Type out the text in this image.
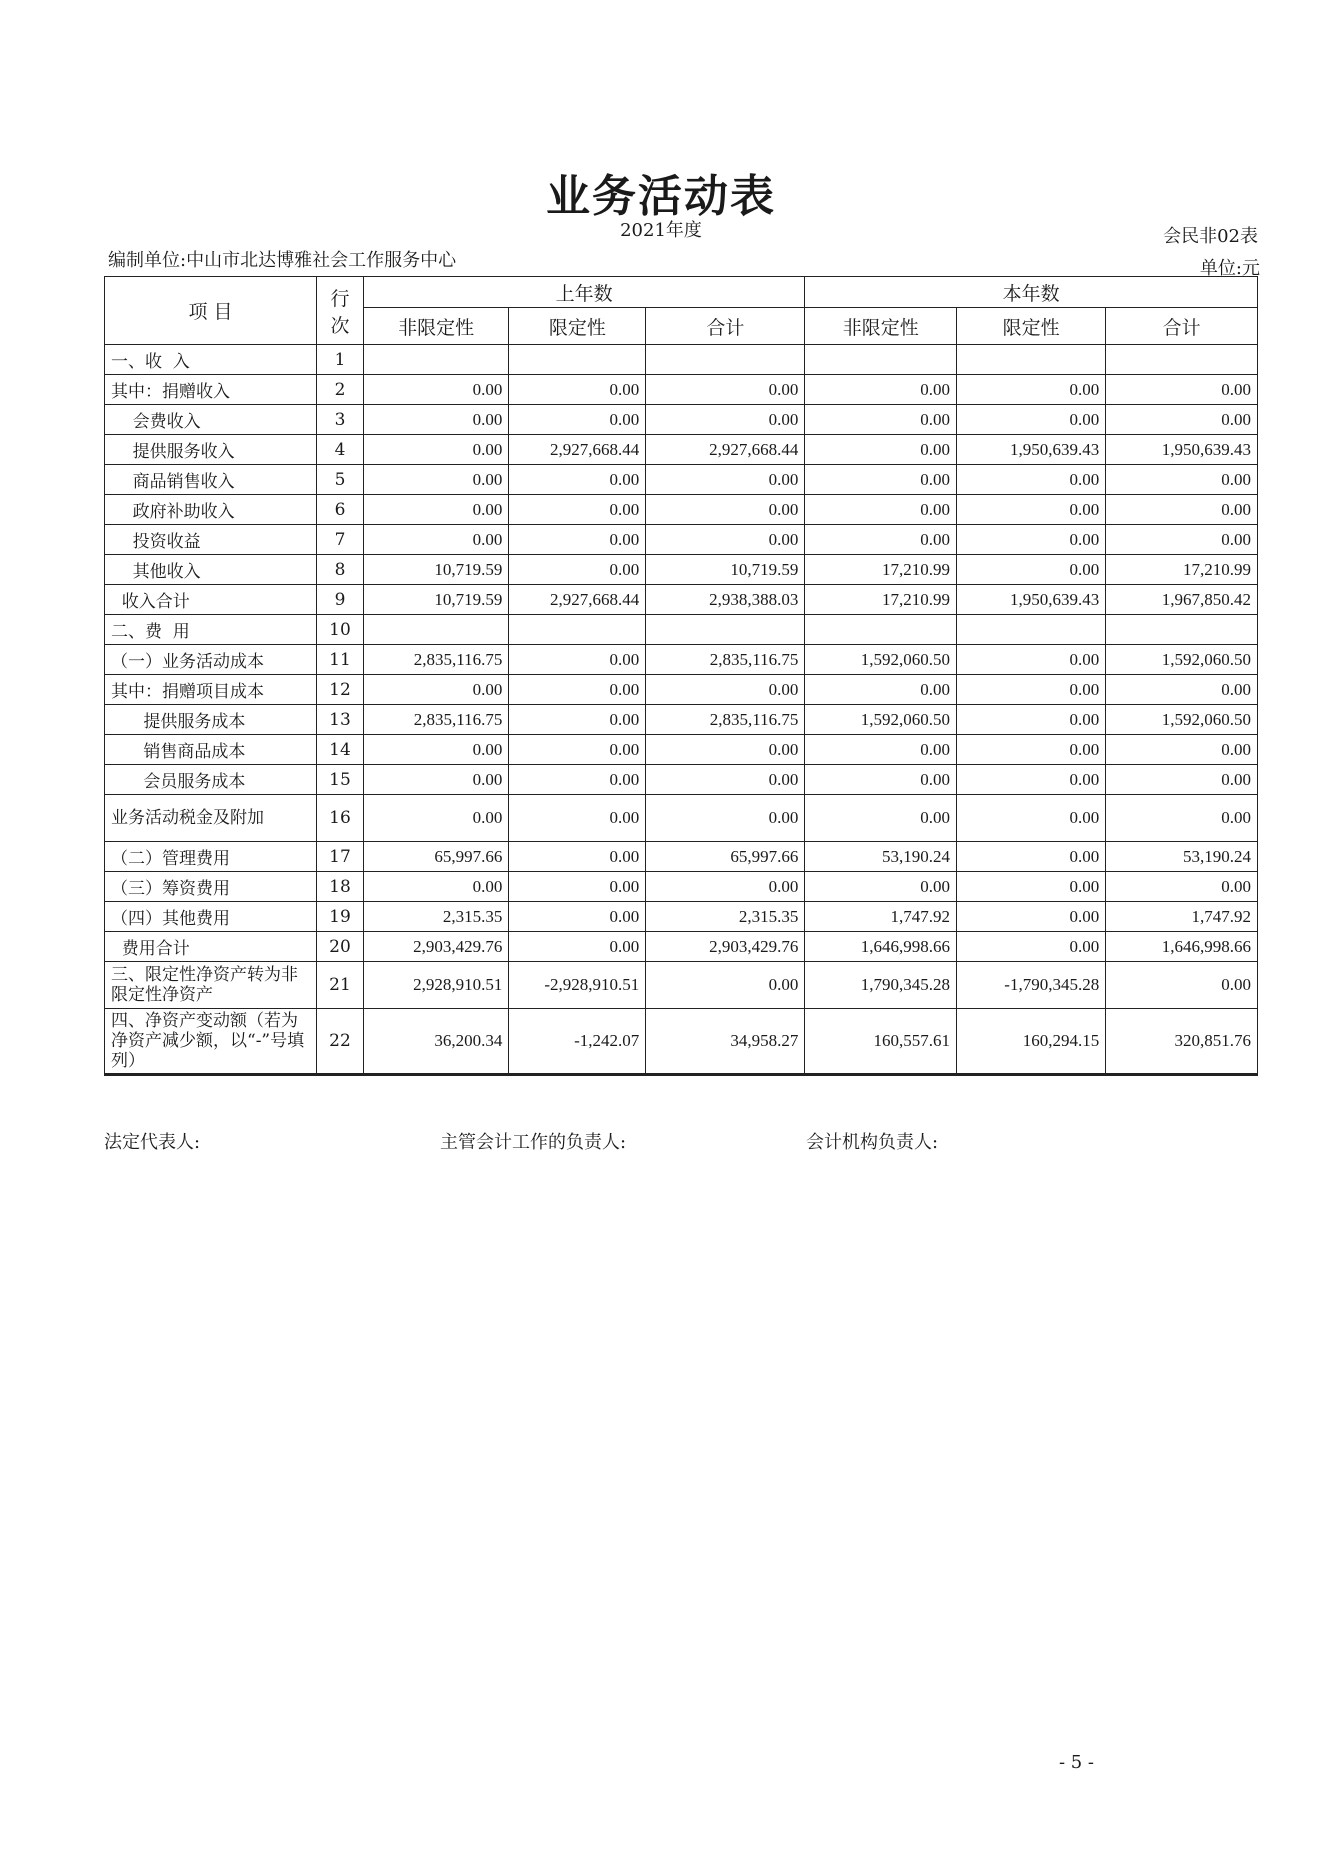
业务活动表
2021年度	会民非02表
编制单位:中山市北达博雅社会工作服务中心	单位:元
项 目	行次	上年数			本年数		
		非限定性	限定性	合计	非限定性	限定性	合计
一、收  入	1						
其中：捐赠收入	2	0.00	0.00	0.00	0.00	0.00	0.00
会费收入	3	0.00	0.00	0.00	0.00	0.00	0.00
提供服务收入	4	0.00	2,927,668.44	2,927,668.44	0.00	1,950,639.43	1,950,639.43
商品销售收入	5	0.00	0.00	0.00	0.00	0.00	0.00
政府补助收入	6	0.00	0.00	0.00	0.00	0.00	0.00
投资收益	7	0.00	0.00	0.00	0.00	0.00	0.00
其他收入	8	10,719.59	0.00	10,719.59	17,210.99	0.00	17,210.99
收入合计	9	10,719.59	2,927,668.44	2,938,388.03	17,210.99	1,950,639.43	1,967,850.42
二、费  用	10						
（一）业务活动成本	11	2,835,116.75	0.00	2,835,116.75	1,592,060.50	0.00	1,592,060.50
其中：捐赠项目成本	12	0.00	0.00	0.00	0.00	0.00	0.00
提供服务成本	13	2,835,116.75	0.00	2,835,116.75	1,592,060.50	0.00	1,592,060.50
销售商品成本	14	0.00	0.00	0.00	0.00	0.00	0.00
会员服务成本	15	0.00	0.00	0.00	0.00	0.00	0.00
业务活动税金及附加	16	0.00	0.00	0.00	0.00	0.00	0.00
（二）管理费用	17	65,997.66	0.00	65,997.66	53,190.24	0.00	53,190.24
（三）筹资费用	18	0.00	0.00	0.00	0.00	0.00	0.00
（四）其他费用	19	2,315.35	0.00	2,315.35	1,747.92	0.00	1,747.92
费用合计	20	2,903,429.76	0.00	2,903,429.76	1,646,998.66	0.00	1,646,998.66
三、限定性净资产转为非限定性净资产	21	2,928,910.51	-2,928,910.51	0.00	1,790,345.28	-1,790,345.28	0.00
四、净资产变动额（若为净资产减少额，以“-”号填列）	22	36,200.34	-1,242.07	34,958.27	160,557.61	160,294.15	320,851.76
法定代表人:	主管会计工作的负责人:	会计机构负责人:
- 5 -
